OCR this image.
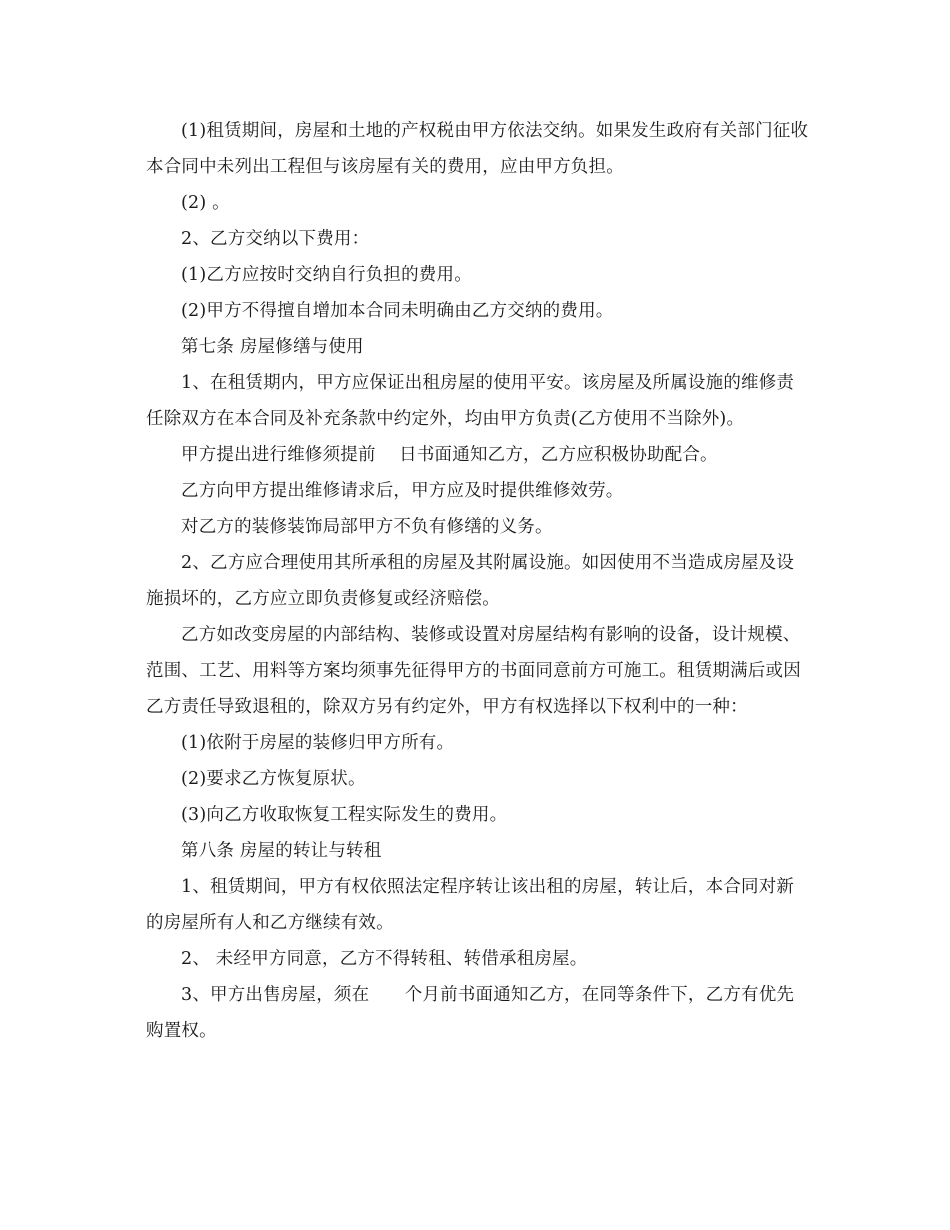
(1)租赁期间，房屋和土地的产权税由甲方依法交纳。如果发生政府有关部门征收本合同中未列出工程但与该房屋有关的费用，应由甲方负担。

(2) 。

2、乙方交纳以下费用：

(1)乙方应按时交纳自行负担的费用。

(2)甲方不得擅自增加本合同未明确由乙方交纳的费用。

第七条 房屋修缮与使用

1、在租赁期内，甲方应保证出租房屋的使用平安。该房屋及所属设施的维修责任除双方在本合同及补充条款中约定外，均由甲方负责(乙方使用不当除外)。

甲方提出进行维修须提前　 日书面通知乙方，乙方应积极协助配合。

乙方向甲方提出维修请求后，甲方应及时提供维修效劳。

对乙方的装修装饰局部甲方不负有修缮的义务。

2、乙方应合理使用其所承租的房屋及其附属设施。如因使用不当造成房屋及设施损坏的，乙方应立即负责修复或经济赔偿。

乙方如改变房屋的内部结构、装修或设置对房屋结构有影响的设备，设计规模、范围、工艺、用料等方案均须事先征得甲方的书面同意前方可施工。租赁期满后或因乙方责任导致退租的，除双方另有约定外，甲方有权选择以下权利中的一种：

(1)依附于房屋的装修归甲方所有。

(2)要求乙方恢复原状。

(3)向乙方收取恢复工程实际发生的费用。

第八条 房屋的转让与转租

1、租赁期间，甲方有权依照法定程序转让该出租的房屋，转让后，本合同对新的房屋所有人和乙方继续有效。

2、 未经甲方同意，乙方不得转租、转借承租房屋。

3、甲方出售房屋，须在　　个月前书面通知乙方，在同等条件下，乙方有优先购置权。
